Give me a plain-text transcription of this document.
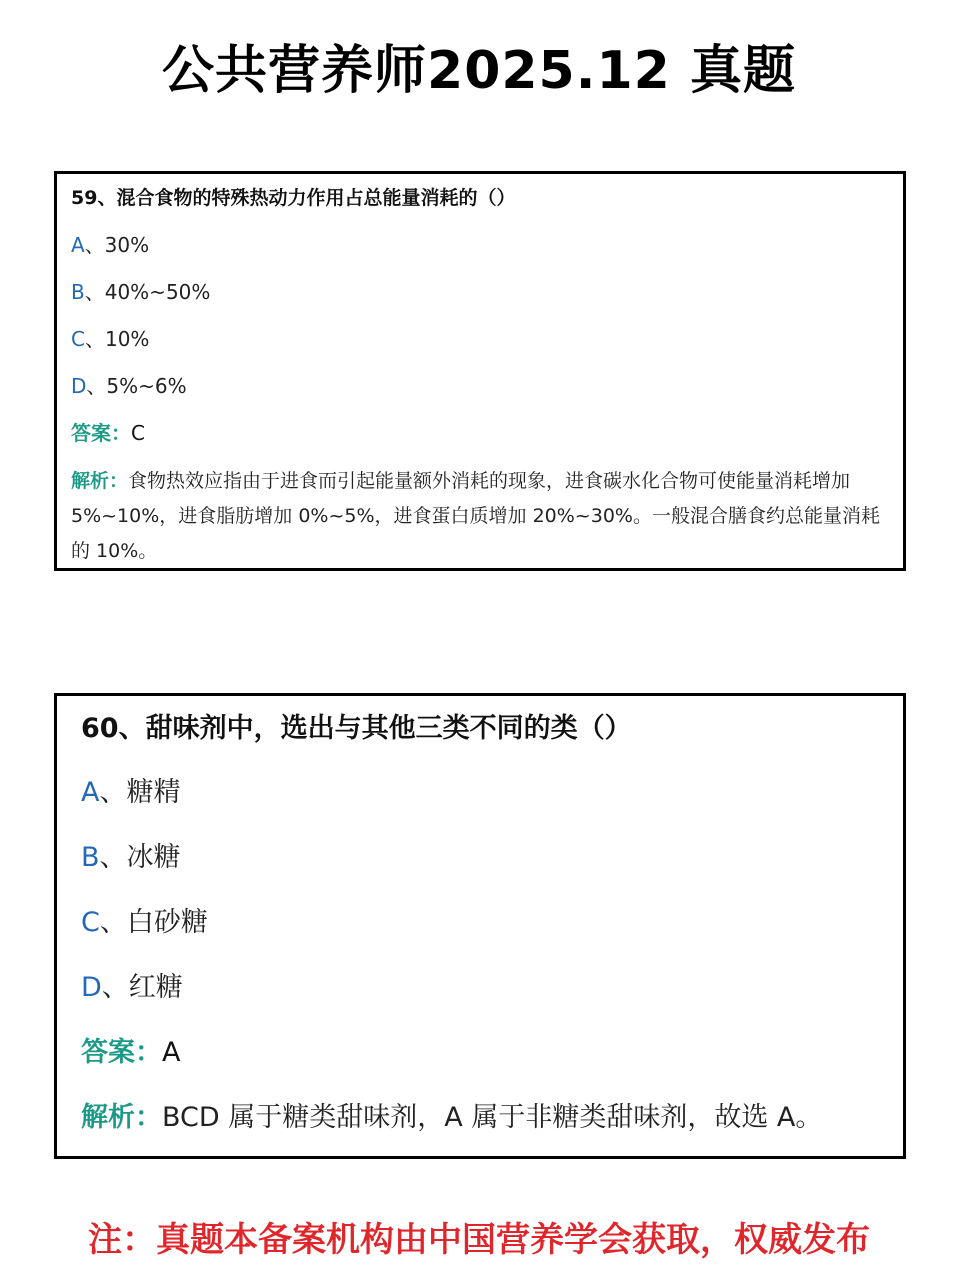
公共营养师2025.12 真题
59、混合食物的特殊热动力作用占总能量消耗的（）
A、30%
B、40%~50%
C、10%
D、5%~6%
答案：C
解析：食物热效应指由于进食而引起能量额外消耗的现象，进食碳水化合物可使能量消耗增加 5%~10%，进食脂肪增加 0%~5%，进食蛋白质增加 20%~30%。一般混合膳食约总能量消耗的 10%。
60、甜味剂中，选出与其他三类不同的类（）
A、糖精
B、冰糖
C、白砂糖
D、红糖
答案：A
解析：BCD 属于糖类甜味剂，A 属于非糖类甜味剂，故选 A。
注：真题本备案机构由中国营养学会获取，权威发布
